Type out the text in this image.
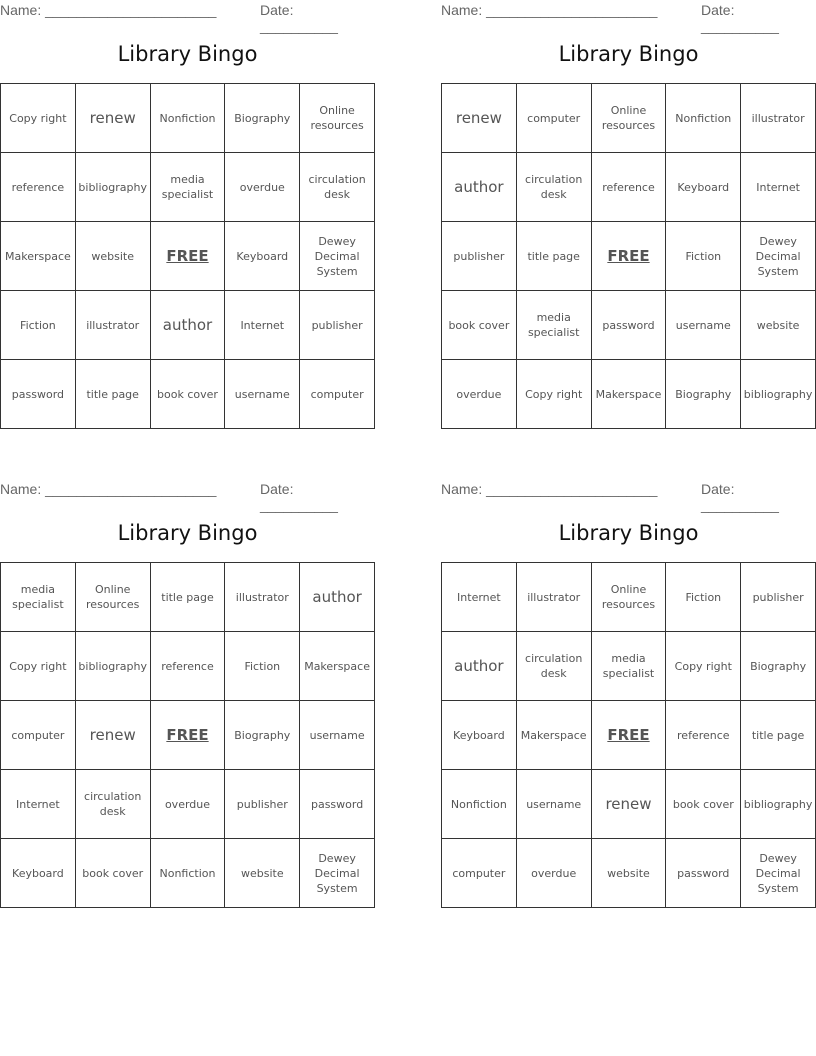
Name: ______________________	Date: __________
Library Bingo
Copy right	renew	Nonfiction	Biography	Online resources
reference	bibliography	media specialist	overdue	circulation desk
Makerspace	website	FREE	Keyboard	Dewey Decimal System
Fiction	illustrator	author	Internet	publisher
password	title page	book cover	username	computer
Name: ______________________	Date: __________
Library Bingo
renew	computer	Online resources	Nonfiction	illustrator
author	circulation desk	reference	Keyboard	Internet
publisher	title page	FREE	Fiction	Dewey Decimal System
book cover	media specialist	password	username	website
overdue	Copy right	Makerspace	Biography	bibliography
Name: ______________________	Date: __________
Library Bingo
media specialist	Online resources	title page	illustrator	author
Copy right	bibliography	reference	Fiction	Makerspace
computer	renew	FREE	Biography	username
Internet	circulation desk	overdue	publisher	password
Keyboard	book cover	Nonfiction	website	Dewey Decimal System
Name: ______________________	Date: __________
Library Bingo
Internet	illustrator	Online resources	Fiction	publisher
author	circulation desk	media specialist	Copy right	Biography
Keyboard	Makerspace	FREE	reference	title page
Nonfiction	username	renew	book cover	bibliography
computer	overdue	website	password	Dewey Decimal System
